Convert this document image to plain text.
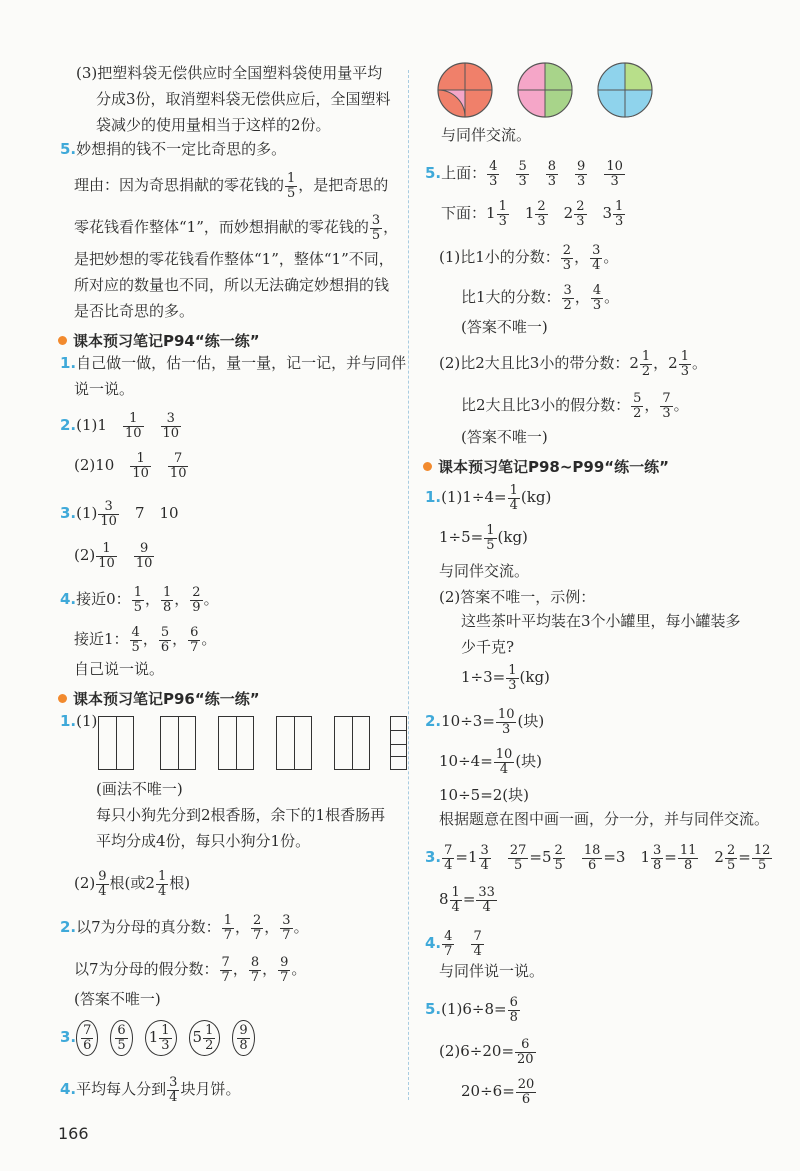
(3)把塑料袋无偿供应时全国塑料袋使用量平均
分成3份，取消塑料袋无偿供应后，全国塑料
袋减少的使用量相当于这样的2份。
5.妙想捐的钱不一定比奇思的多。
理由：因为奇思捐献的零花钱的 $\frac{1}{5}$ ，是把奇思的
零花钱看作整体“1”，而妙想捐献的零花钱的 $\frac{3}{5}$ ，
是把妙想的零花钱看作整体“1”，整体“1”不同，
所对应的数量也不同，所以无法确定妙想捐的钱
是否比奇思的多。
课本预习笔记P94“练一练”
1.自己做一做，估一估，量一量，记一记，并与同伴
说一说。
2.(1)1　 $\frac{1}{10}$
　 $\frac{3}{10}$
(2)10　 $\frac{1}{10}$
　 $\frac{7}{10}$
$3.(1) \frac{3}{10}$
　 7　10
$(2) \frac{1}{10}$
　 $\frac{9}{10}$
4.接近0： $\frac{1}{5}$ ， $\frac{1}{8}$ ， $\frac{2}{9}$ 。
接近1： $\frac{4}{5}$ ， $\frac{5}{6}$ ， $\frac{6}{7}$ 。
自己说一说。
课本预习笔记P96“练一练”
1.(1)
(画法不唯一)
每只小狗先分到2根香肠，余下的1根香肠再
平均分成4份，每只小狗分1份。
$(2) \frac{9}{4}$ 根(或$2 \frac{1}{4}$ 根)
2.以7为分母的真分数： $\frac{1}{7}$ ， $\frac{2}{7}$ ， $\frac{3}{7}$ 。
以7为分母的假分数： $\frac{7}{7}$ ， $\frac{8}{7}$ ， $\frac{9}{7}$ 。
(答案不唯一)
3. $\frac{7}{6} \frac{6}{5} 1 \frac{1}{3} 5 \frac{1}{2} \frac{9}{8}$
4.平均每人分到 $\frac{3}{4}$ 块月饼。
与同伴交流。
5.上面： $\frac{4}{3}$
　 $\frac{5}{3}$
　 $\frac{8}{3}$
　 $\frac{9}{3}$
　 $\frac{10}{3}$
下面：$1 \frac{1}{3}$ 　$1 \frac{2}{3}$ 　$2 \frac{2}{3}$ 　$3 \frac{1}{3}$
(1)比1小的分数： $\frac{2}{3}$ ， $\frac{3}{4}$ 。
比1大的分数： $\frac{3}{2}$ ， $\frac{4}{3}$ 。
(答案不唯一)
(2)比2大且比3小的带分数：$2 \frac{1}{2}$ ，$2 \frac{1}{3}$ 。
比2大且比3小的假分数： $\frac{5}{2}$ ， $\frac{7}{3}$ 。
(答案不唯一)
课本预习笔记P98~P99“练一练”
$1.(1)1\div 4= \frac{1}{4} (kg)$
$1\div 5= \frac{1}{5} (kg)$
与同伴交流。
(2)答案不唯一，示例：
这些茶叶平均装在3个小罐里，每小罐装多
少千克?
$1\div 3= \frac{1}{3} (kg)$
$2.10\div 3= \frac{10}{3}$ (块)
$10\div 4= \frac{10}{4}$ (块)
10÷5=2(块)
根据题意在图中画一画，分一分，并与同伴交流。
3. $\frac{7}{4} =1 \frac{3}{4}$
　 $\frac{27}{5} =5 \frac{2}{5}$
　 $\frac{18}{6} =3$　$1 \frac{3}{8} = \frac{11}{8}$ 　$2 \frac{2}{5} = \frac{12}{5}$
$8 \frac{1}{4} = \frac{33}{4}$
4. $\frac{4}{7}$
　 $\frac{7}{4}$
与同伴说一说。
$5.(1)6\div 8= \frac{6}{8}$
$(2)6\div 20= \frac{6}{20}$
$20\div 6= \frac{20}{6}$
166
